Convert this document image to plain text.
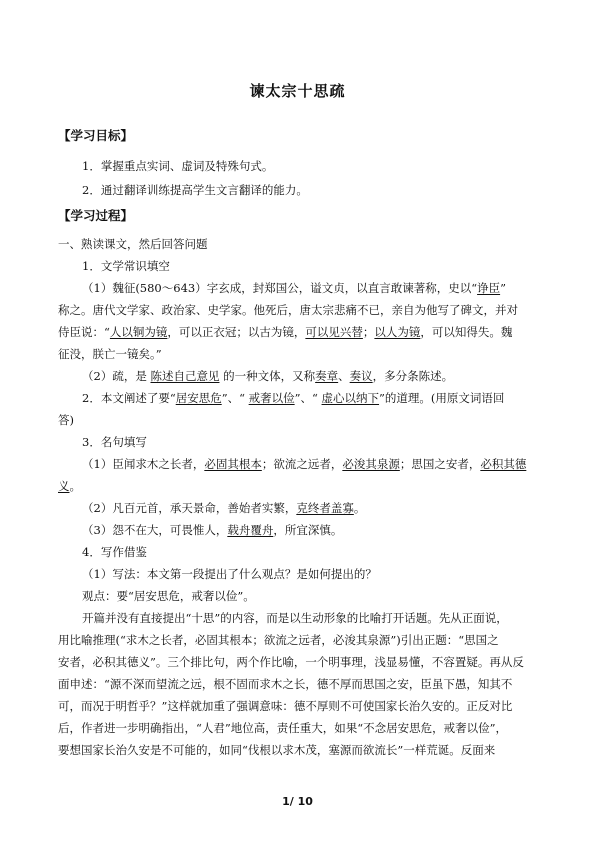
谏太宗十思疏
【学习目标】
1．掌握重点实词、虚词及特殊句式。
2．通过翻译训练提高学生文言翻译的能力。
【学习过程】
一、熟读课文，然后回答问题
1．文学常识填空
（1）魏征(580～643）字玄成，封郑国公，谥文贞，以直言敢谏著称，史以“诤臣”
称之。唐代文学家、政治家、史学家。他死后，唐太宗悲痛不已，亲自为他写了碑文，并对
侍臣说：“人以铜为镜，可以正衣冠；以古为镜，可以见兴替；以人为镜，可以知得失。魏
征没，朕亡一镜矣。”
（2）疏，是 陈述自己意见 的一种文体，又称奏章、奏议，多分条陈述。
2．本文阐述了要“居安思危”、“ 戒奢以俭”、“ 虚心以纳下”的道理。(用原文词语回
答)
3．名句填写
（1）臣闻求木之长者，必固其根本；欲流之远者，必浚其泉源；思国之安者，必积其德
义。
（2）凡百元首，承天景命，善始者实繁，克终者盖寡。
（3）怨不在大，可畏惟人，载舟覆舟，所宜深慎。
4．写作借鉴
（1）写法：本文第一段提出了什么观点？是如何提出的？
观点：要“居安思危，戒奢以俭”。
开篇并没有直接提出“十思”的内容，而是以生动形象的比喻打开话题。先从正面说，
用比喻推理(“求木之长者，必固其根本；欲流之远者，必浚其泉源”)引出正题：“思国之
安者，必积其德义”。三个排比句，两个作比喻，一个明事理，浅显易懂，不容置疑。再从反
面申述：“源不深而望流之远，根不固而求木之长，德不厚而思国之安，臣虽下愚，知其不
可，而况于明哲乎？”这样就加重了强调意味：德不厚则不可使国家长治久安的。正反对比
后，作者进一步明确指出，“人君”地位高，责任重大，如果“不念居安思危，戒奢以俭”，
要想国家长治久安是不可能的，如同“伐根以求木茂，塞源而欲流长”一样荒诞。反面来
1/ 10
